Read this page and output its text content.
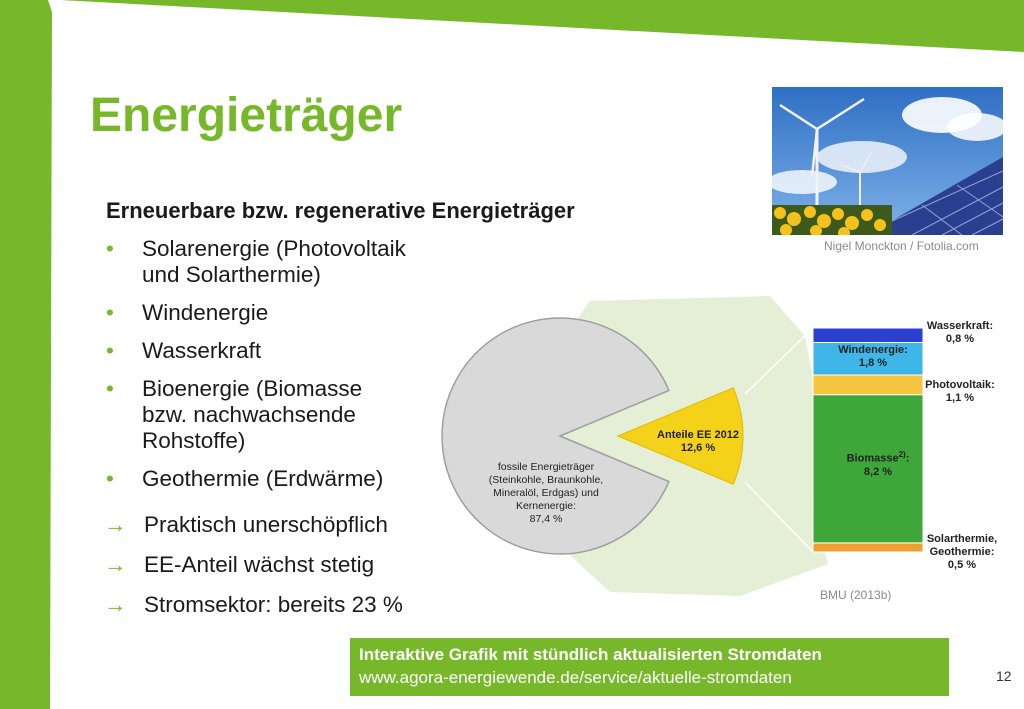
Energieträger
Erneuerbare bzw. regenerative Energieträger
• Solarenergie (Photovoltaik und Solarthermie)
• Windenergie
• Wasserkraft
• Bioenergie (Biomasse bzw. nachwachsende Rohstoffe)
• Geothermie (Erdwärme)
→ Praktisch unerschöpflich
→ EE-Anteil wächst stetig
→ Stromsektor: bereits 23 %
Nigel Monckton / Fotolia.com
fossile Energieträger (Steinkohle, Braunkohle, Mineralöl, Erdgas) und Kernenergie:
87,4 %
Anteile EE 2012
12,6 %
Wasserkraft:
0,8 %
Windenergie:
1,8 %
Photovoltaik:
1,1 %
Biomasse$^{2)}$:
8,2 %
Solarthermie, Geothermie:
0,5 %
BMU (2013b)
Interaktive Grafik mit stündlich aktualisierten Stromdaten
www.agora-energiewende.de/service/aktuelle-stromdaten	12
